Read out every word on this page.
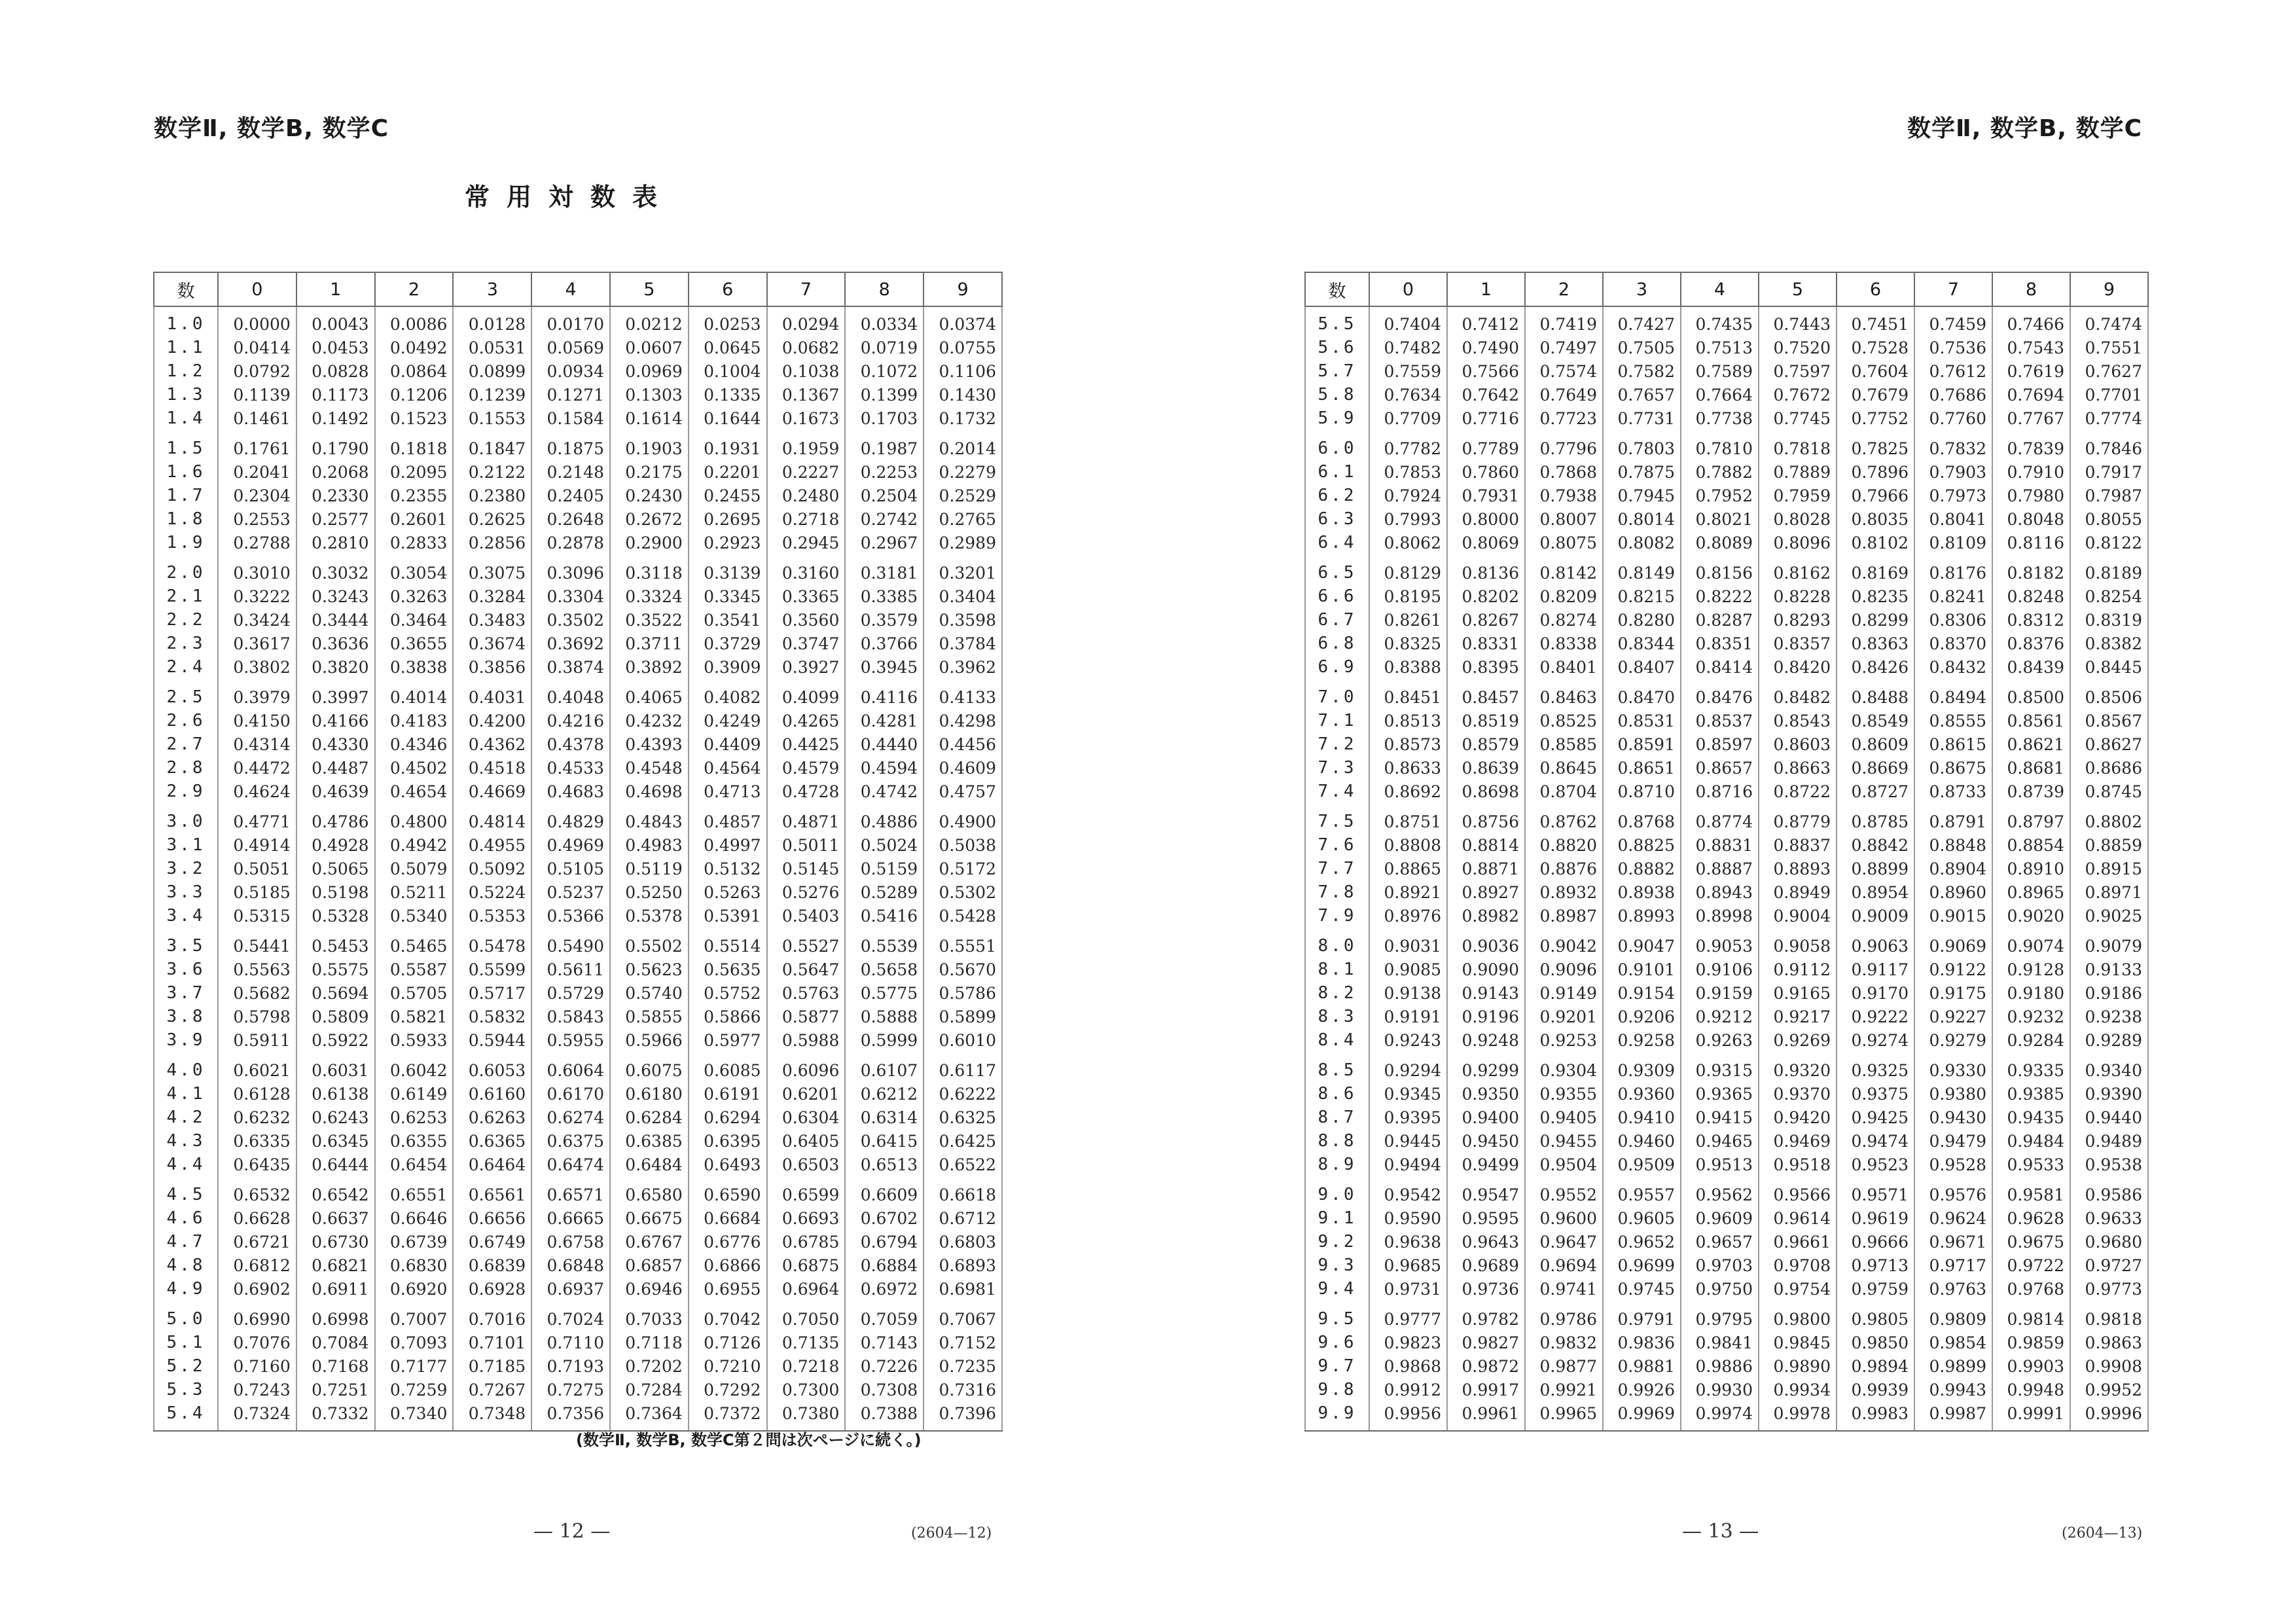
数学Ⅱ, 数学B, 数学C	数学Ⅱ, 数学B, 数学C
常用対数表
数	0	1	2	3	4	5	6	7	8	9
1.0	0.0000	0.0043	0.0086	0.0128	0.0170	0.0212	0.0253	0.0294	0.0334	0.0374
1.1	0.0414	0.0453	0.0492	0.0531	0.0569	0.0607	0.0645	0.0682	0.0719	0.0755
1.2	0.0792	0.0828	0.0864	0.0899	0.0934	0.0969	0.1004	0.1038	0.1072	0.1106
1.3	0.1139	0.1173	0.1206	0.1239	0.1271	0.1303	0.1335	0.1367	0.1399	0.1430
1.4	0.1461	0.1492	0.1523	0.1553	0.1584	0.1614	0.1644	0.1673	0.1703	0.1732
1.5	0.1761	0.1790	0.1818	0.1847	0.1875	0.1903	0.1931	0.1959	0.1987	0.2014
1.6	0.2041	0.2068	0.2095	0.2122	0.2148	0.2175	0.2201	0.2227	0.2253	0.2279
1.7	0.2304	0.2330	0.2355	0.2380	0.2405	0.2430	0.2455	0.2480	0.2504	0.2529
1.8	0.2553	0.2577	0.2601	0.2625	0.2648	0.2672	0.2695	0.2718	0.2742	0.2765
1.9	0.2788	0.2810	0.2833	0.2856	0.2878	0.2900	0.2923	0.2945	0.2967	0.2989
2.0	0.3010	0.3032	0.3054	0.3075	0.3096	0.3118	0.3139	0.3160	0.3181	0.3201
2.1	0.3222	0.3243	0.3263	0.3284	0.3304	0.3324	0.3345	0.3365	0.3385	0.3404
2.2	0.3424	0.3444	0.3464	0.3483	0.3502	0.3522	0.3541	0.3560	0.3579	0.3598
2.3	0.3617	0.3636	0.3655	0.3674	0.3692	0.3711	0.3729	0.3747	0.3766	0.3784
2.4	0.3802	0.3820	0.3838	0.3856	0.3874	0.3892	0.3909	0.3927	0.3945	0.3962
2.5	0.3979	0.3997	0.4014	0.4031	0.4048	0.4065	0.4082	0.4099	0.4116	0.4133
2.6	0.4150	0.4166	0.4183	0.4200	0.4216	0.4232	0.4249	0.4265	0.4281	0.4298
2.7	0.4314	0.4330	0.4346	0.4362	0.4378	0.4393	0.4409	0.4425	0.4440	0.4456
2.8	0.4472	0.4487	0.4502	0.4518	0.4533	0.4548	0.4564	0.4579	0.4594	0.4609
2.9	0.4624	0.4639	0.4654	0.4669	0.4683	0.4698	0.4713	0.4728	0.4742	0.4757
3.0	0.4771	0.4786	0.4800	0.4814	0.4829	0.4843	0.4857	0.4871	0.4886	0.4900
3.1	0.4914	0.4928	0.4942	0.4955	0.4969	0.4983	0.4997	0.5011	0.5024	0.5038
3.2	0.5051	0.5065	0.5079	0.5092	0.5105	0.5119	0.5132	0.5145	0.5159	0.5172
3.3	0.5185	0.5198	0.5211	0.5224	0.5237	0.5250	0.5263	0.5276	0.5289	0.5302
3.4	0.5315	0.5328	0.5340	0.5353	0.5366	0.5378	0.5391	0.5403	0.5416	0.5428
3.5	0.5441	0.5453	0.5465	0.5478	0.5490	0.5502	0.5514	0.5527	0.5539	0.5551
3.6	0.5563	0.5575	0.5587	0.5599	0.5611	0.5623	0.5635	0.5647	0.5658	0.5670
3.7	0.5682	0.5694	0.5705	0.5717	0.5729	0.5740	0.5752	0.5763	0.5775	0.5786
3.8	0.5798	0.5809	0.5821	0.5832	0.5843	0.5855	0.5866	0.5877	0.5888	0.5899
3.9	0.5911	0.5922	0.5933	0.5944	0.5955	0.5966	0.5977	0.5988	0.5999	0.6010
4.0	0.6021	0.6031	0.6042	0.6053	0.6064	0.6075	0.6085	0.6096	0.6107	0.6117
4.1	0.6128	0.6138	0.6149	0.6160	0.6170	0.6180	0.6191	0.6201	0.6212	0.6222
4.2	0.6232	0.6243	0.6253	0.6263	0.6274	0.6284	0.6294	0.6304	0.6314	0.6325
4.3	0.6335	0.6345	0.6355	0.6365	0.6375	0.6385	0.6395	0.6405	0.6415	0.6425
4.4	0.6435	0.6444	0.6454	0.6464	0.6474	0.6484	0.6493	0.6503	0.6513	0.6522
4.5	0.6532	0.6542	0.6551	0.6561	0.6571	0.6580	0.6590	0.6599	0.6609	0.6618
4.6	0.6628	0.6637	0.6646	0.6656	0.6665	0.6675	0.6684	0.6693	0.6702	0.6712
4.7	0.6721	0.6730	0.6739	0.6749	0.6758	0.6767	0.6776	0.6785	0.6794	0.6803
4.8	0.6812	0.6821	0.6830	0.6839	0.6848	0.6857	0.6866	0.6875	0.6884	0.6893
4.9	0.6902	0.6911	0.6920	0.6928	0.6937	0.6946	0.6955	0.6964	0.6972	0.6981
5.0	0.6990	0.6998	0.7007	0.7016	0.7024	0.7033	0.7042	0.7050	0.7059	0.7067
5.1	0.7076	0.7084	0.7093	0.7101	0.7110	0.7118	0.7126	0.7135	0.7143	0.7152
5.2	0.7160	0.7168	0.7177	0.7185	0.7193	0.7202	0.7210	0.7218	0.7226	0.7235
5.3	0.7243	0.7251	0.7259	0.7267	0.7275	0.7284	0.7292	0.7300	0.7308	0.7316
5.4	0.7324	0.7332	0.7340	0.7348	0.7356	0.7364	0.7372	0.7380	0.7388	0.7396
数	0	1	2	3	4	5	6	7	8	9
5.5	0.7404	0.7412	0.7419	0.7427	0.7435	0.7443	0.7451	0.7459	0.7466	0.7474
5.6	0.7482	0.7490	0.7497	0.7505	0.7513	0.7520	0.7528	0.7536	0.7543	0.7551
5.7	0.7559	0.7566	0.7574	0.7582	0.7589	0.7597	0.7604	0.7612	0.7619	0.7627
5.8	0.7634	0.7642	0.7649	0.7657	0.7664	0.7672	0.7679	0.7686	0.7694	0.7701
5.9	0.7709	0.7716	0.7723	0.7731	0.7738	0.7745	0.7752	0.7760	0.7767	0.7774
6.0	0.7782	0.7789	0.7796	0.7803	0.7810	0.7818	0.7825	0.7832	0.7839	0.7846
6.1	0.7853	0.7860	0.7868	0.7875	0.7882	0.7889	0.7896	0.7903	0.7910	0.7917
6.2	0.7924	0.7931	0.7938	0.7945	0.7952	0.7959	0.7966	0.7973	0.7980	0.7987
6.3	0.7993	0.8000	0.8007	0.8014	0.8021	0.8028	0.8035	0.8041	0.8048	0.8055
6.4	0.8062	0.8069	0.8075	0.8082	0.8089	0.8096	0.8102	0.8109	0.8116	0.8122
6.5	0.8129	0.8136	0.8142	0.8149	0.8156	0.8162	0.8169	0.8176	0.8182	0.8189
6.6	0.8195	0.8202	0.8209	0.8215	0.8222	0.8228	0.8235	0.8241	0.8248	0.8254
6.7	0.8261	0.8267	0.8274	0.8280	0.8287	0.8293	0.8299	0.8306	0.8312	0.8319
6.8	0.8325	0.8331	0.8338	0.8344	0.8351	0.8357	0.8363	0.8370	0.8376	0.8382
6.9	0.8388	0.8395	0.8401	0.8407	0.8414	0.8420	0.8426	0.8432	0.8439	0.8445
7.0	0.8451	0.8457	0.8463	0.8470	0.8476	0.8482	0.8488	0.8494	0.8500	0.8506
7.1	0.8513	0.8519	0.8525	0.8531	0.8537	0.8543	0.8549	0.8555	0.8561	0.8567
7.2	0.8573	0.8579	0.8585	0.8591	0.8597	0.8603	0.8609	0.8615	0.8621	0.8627
7.3	0.8633	0.8639	0.8645	0.8651	0.8657	0.8663	0.8669	0.8675	0.8681	0.8686
7.4	0.8692	0.8698	0.8704	0.8710	0.8716	0.8722	0.8727	0.8733	0.8739	0.8745
7.5	0.8751	0.8756	0.8762	0.8768	0.8774	0.8779	0.8785	0.8791	0.8797	0.8802
7.6	0.8808	0.8814	0.8820	0.8825	0.8831	0.8837	0.8842	0.8848	0.8854	0.8859
7.7	0.8865	0.8871	0.8876	0.8882	0.8887	0.8893	0.8899	0.8904	0.8910	0.8915
7.8	0.8921	0.8927	0.8932	0.8938	0.8943	0.8949	0.8954	0.8960	0.8965	0.8971
7.9	0.8976	0.8982	0.8987	0.8993	0.8998	0.9004	0.9009	0.9015	0.9020	0.9025
8.0	0.9031	0.9036	0.9042	0.9047	0.9053	0.9058	0.9063	0.9069	0.9074	0.9079
8.1	0.9085	0.9090	0.9096	0.9101	0.9106	0.9112	0.9117	0.9122	0.9128	0.9133
8.2	0.9138	0.9143	0.9149	0.9154	0.9159	0.9165	0.9170	0.9175	0.9180	0.9186
8.3	0.9191	0.9196	0.9201	0.9206	0.9212	0.9217	0.9222	0.9227	0.9232	0.9238
8.4	0.9243	0.9248	0.9253	0.9258	0.9263	0.9269	0.9274	0.9279	0.9284	0.9289
8.5	0.9294	0.9299	0.9304	0.9309	0.9315	0.9320	0.9325	0.9330	0.9335	0.9340
8.6	0.9345	0.9350	0.9355	0.9360	0.9365	0.9370	0.9375	0.9380	0.9385	0.9390
8.7	0.9395	0.9400	0.9405	0.9410	0.9415	0.9420	0.9425	0.9430	0.9435	0.9440
8.8	0.9445	0.9450	0.9455	0.9460	0.9465	0.9469	0.9474	0.9479	0.9484	0.9489
8.9	0.9494	0.9499	0.9504	0.9509	0.9513	0.9518	0.9523	0.9528	0.9533	0.9538
9.0	0.9542	0.9547	0.9552	0.9557	0.9562	0.9566	0.9571	0.9576	0.9581	0.9586
9.1	0.9590	0.9595	0.9600	0.9605	0.9609	0.9614	0.9619	0.9624	0.9628	0.9633
9.2	0.9638	0.9643	0.9647	0.9652	0.9657	0.9661	0.9666	0.9671	0.9675	0.9680
9.3	0.9685	0.9689	0.9694	0.9699	0.9703	0.9708	0.9713	0.9717	0.9722	0.9727
9.4	0.9731	0.9736	0.9741	0.9745	0.9750	0.9754	0.9759	0.9763	0.9768	0.9773
9.5	0.9777	0.9782	0.9786	0.9791	0.9795	0.9800	0.9805	0.9809	0.9814	0.9818
9.6	0.9823	0.9827	0.9832	0.9836	0.9841	0.9845	0.9850	0.9854	0.9859	0.9863
9.7	0.9868	0.9872	0.9877	0.9881	0.9886	0.9890	0.9894	0.9899	0.9903	0.9908
9.8	0.9912	0.9917	0.9921	0.9926	0.9930	0.9934	0.9939	0.9943	0.9948	0.9952
9.9	0.9956	0.9961	0.9965	0.9969	0.9974	0.9978	0.9983	0.9987	0.9991	0.9996
(数学Ⅱ, 数学B, 数学C第２問は次ページに続く。)
— 12 —	(2604—12)	— 13 —	(2604—13)
